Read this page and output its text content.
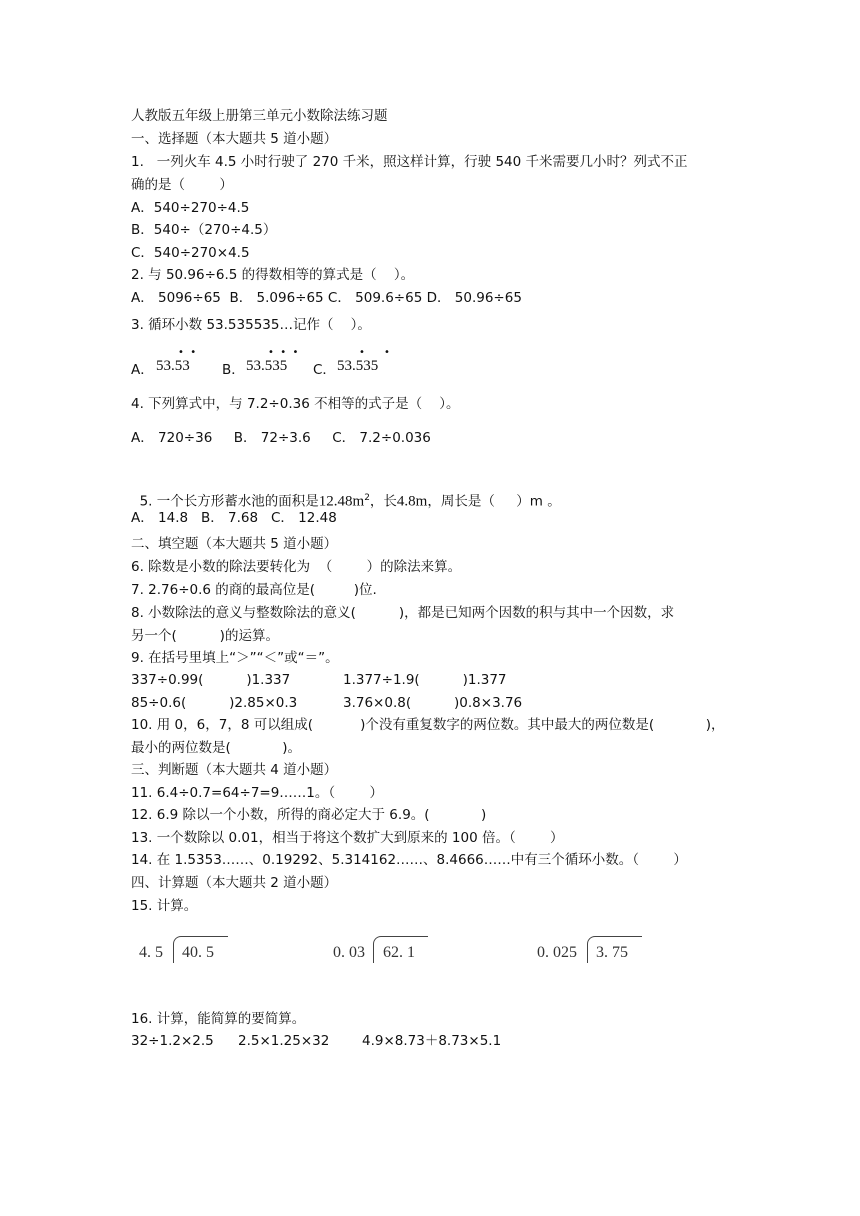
人教版五年级上册第三单元小数除法练习题
一、选择题（本大题共 5 道小题）
1.   一列火车 4.5 小时行驶了 270 千米，照这样计算，行驶 540 千米需要几小时？列式不正
确的是（        ）
A．540÷270÷4.5
B．540÷（270÷4.5）
C．540÷270×4.5
2. 与 50.96÷6.5 的得数相等的算式是（    ）。
A． 5096÷65  B． 5.096÷65 C． 509.6÷65 D． 50.96÷65
3. 循环小数 53.535535…记作（    ）。
A． 53.53
•  •
B． 53.535
•  •  •
C． 53.535
•      •
4. 下列算式中，与 7.2÷0.36 不相等的式子是（    ）。
A． 720÷36     B． 72÷3.6     C． 7.2÷0.036

5. 一个长方形蓄水池的面积是$12.48m^2$，长4.8m，周长是（     ）m 。

A． 14.8   B． 7.68   C． 12.48
二、填空题（本大题共 5 道小题）
6. 除数是小数的除法要转化为  （        ）的除法来算。
7. 2.76÷0.6 的商的最高位是(         )位.
8. 小数除法的意义与整数除法的意义(          )，都是已知两个因数的积与其中一个因数，求
另一个(          )的运算。
9. 在括号里填上“＞”“＜”或“＝”。
337÷0.99(          )1.337	1.377÷1.9(          )1.377
85÷0.6(          )2.85×0.3	3.76×0.8(          )0.8×3.76
10. 用 0，6，7，8 可以组成(           )个没有重复数字的两位数。其中最大的两位数是(            )，
最小的两位数是(            )。
三、判断题（本大题共 4 道小题）
11. 6.4÷0.7=64÷7=9……1。（        ）
12. 6.9 除以一个小数，所得的商必定大于 6.9。(            )
13. 一个数除以 0.01，相当于将这个数扩大到原来的 100 倍。（        ）
14. 在 1.5353……、0.19292、5.314162……、8.4666……中有三个循环小数。（        ）
四、计算题（本大题共 2 道小题）
15. 计算。
4. 5 40. 5	0. 03 62. 1	0. 025 3. 75
16. 计算，能简算的要简算。
32÷1.2×2.5 2.5×1.25×32 4.9×8.73＋8.73×5.1
